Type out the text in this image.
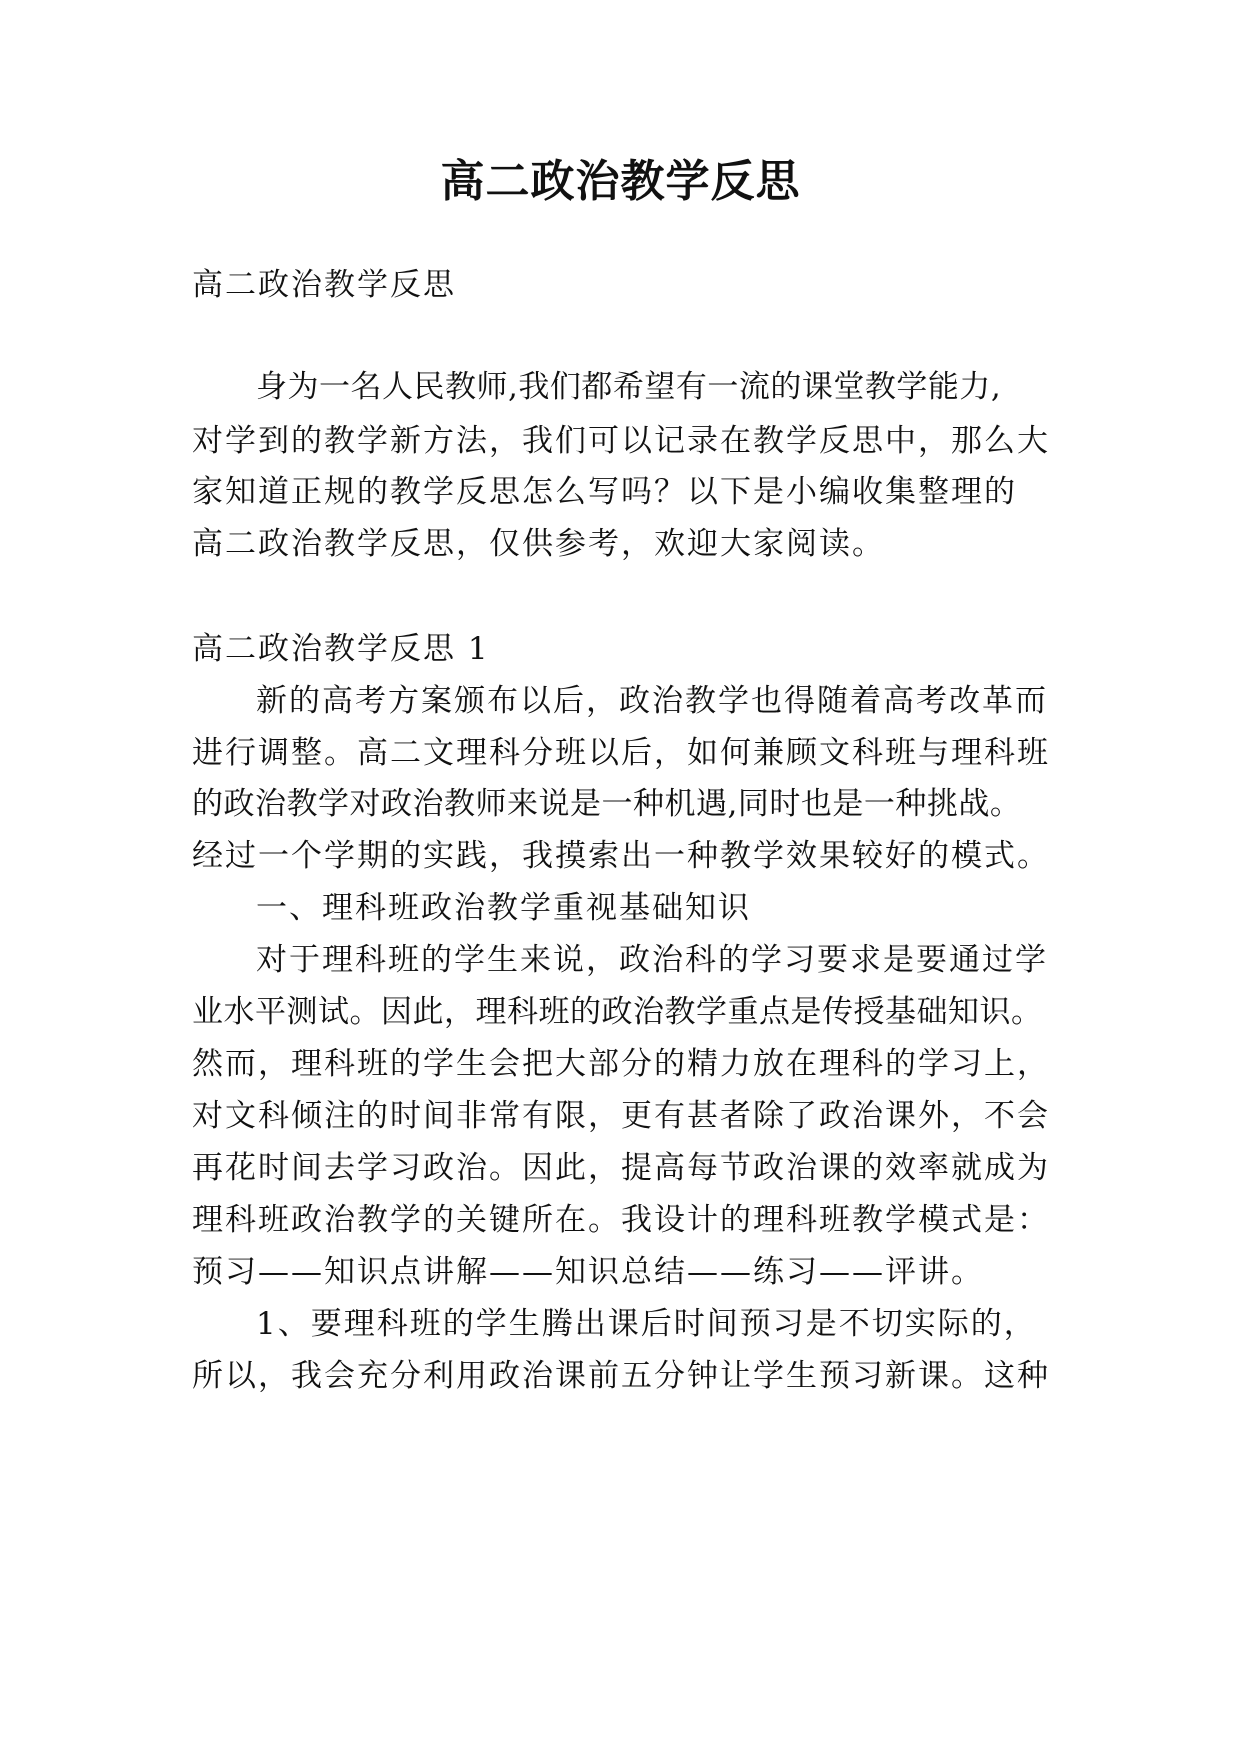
高二政治教学反思

高二政治教学反思

身为一名人民教师,我们都希望有一流的课堂教学能力,

对学到的教学新方法，我们可以记录在教学反思中，那么大

家知道正规的教学反思怎么写吗？以下是小编收集整理的

高二政治教学反思，仅供参考，欢迎大家阅读。

高二政治教学反思 1

新的高考方案颁布以后，政治教学也得随着高考改革而

进行调整。高二文理科分班以后，如何兼顾文科班与理科班

的政治教学对政治教师来说是一种机遇,同时也是一种挑战。

经过一个学期的实践，我摸索出一种教学效果较好的模式。

一、理科班政治教学重视基础知识

对于理科班的学生来说，政治科的学习要求是要通过学

业水平测试。因此，理科班的政治教学重点是传授基础知识。

然而，理科班的学生会把大部分的精力放在理科的学习上，

对文科倾注的时间非常有限，更有甚者除了政治课外，不会

再花时间去学习政治。因此，提高每节政治课的效率就成为

理科班政治教学的关键所在。我设计的理科班教学模式是：

预习——知识点讲解——知识总结——练习——评讲。

1、要理科班的学生腾出课后时间预习是不切实际的，

所以，我会充分利用政治课前五分钟让学生预习新课。这种
